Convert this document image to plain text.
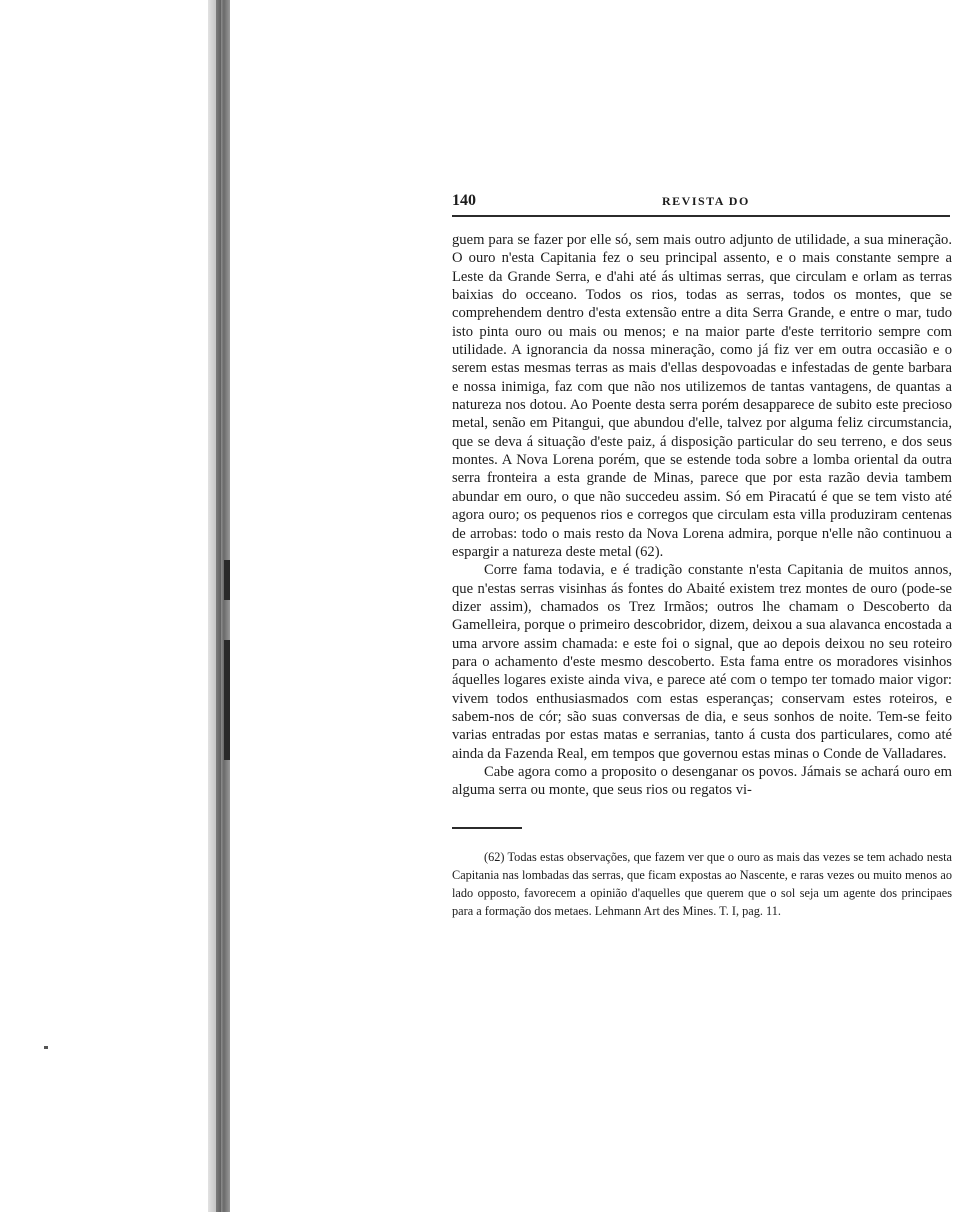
140	REVISTA DO

guem para se fazer por elle só, sem mais outro adjunto de utilidade, a sua mineração. O ouro n'esta Capitania fez o seu principal assento, e o mais constante sempre a Leste da Grande Serra, e d'ahi até ás ultimas serras, que circulam e orlam as terras baixias do occeano. Todos os rios, todas as serras, todos os montes, que se comprehendem dentro d'esta extensão entre a dita Serra Grande, e entre o mar, tudo isto pinta ouro ou mais ou menos; e na maior parte d'este territorio sempre com utilidade. A ignorancia da nossa mineração, como já fiz ver em outra occasião e o serem estas mesmas terras as mais d'ellas despovoadas e infestadas de gente barbara e nossa inimiga, faz com que não nos utilizemos de tantas vantagens, de quantas a natureza nos dotou. Ao Poente desta serra porém desapparece de subito este precioso metal, senão em Pitangui, que abundou d'elle, talvez por alguma feliz circumstancia, que se deva á situação d'este paiz, á disposição particular do seu terreno, e dos seus montes. A Nova Lorena porém, que se estende toda sobre a lomba oriental da outra serra fronteira a esta grande de Minas, parece que por esta razão devia tambem abundar em ouro, o que não succedeu assim. Só em Piracatú é que se tem visto até agora ouro; os pequenos rios e corregos que circulam esta villa produziram centenas de arrobas: todo o mais resto da Nova Lorena admira, porque n'elle não continuou a espargir a natureza deste metal (62).

Corre fama todavia, e é tradição constante n'esta Capitania de muitos annos, que n'estas serras visinhas ás fontes do Abaité existem trez montes de ouro (pode-se dizer assim), chamados os Trez Irmãos; outros lhe chamam o Descoberto da Gamelleira, porque o primeiro descobridor, dizem, deixou a sua alavanca encostada a uma arvore assim chamada: e este foi o signal, que ao depois deixou no seu roteiro para o achamento d'este mesmo descoberto. Esta fama entre os moradores visinhos áquelles logares existe ainda viva, e parece até com o tempo ter tomado maior vigor: vivem todos enthusiasmados com estas esperanças; conservam estes roteiros, e sabem-nos de cór; são suas conversas de dia, e seus sonhos de noite. Tem-se feito varias entradas por estas matas e serranias, tanto á custa dos particulares, como até ainda da Fazenda Real, em tempos que governou estas minas o Conde de Valladares.

Cabe agora como a proposito o desenganar os povos. Jámais se achará ouro em alguma serra ou monte, que seus rios ou regatos vi-

(62) Todas estas observações, que fazem ver que o ouro as mais das vezes se tem achado nesta Capitania nas lombadas das serras, que ficam expostas ao Nascente, e raras vezes ou muito menos ao lado opposto, favorecem a opinião d'aquelles que querem que o sol seja um agente dos principaes para a formação dos metaes. Lehmann Art des Mines. T. I, pag. 11.
